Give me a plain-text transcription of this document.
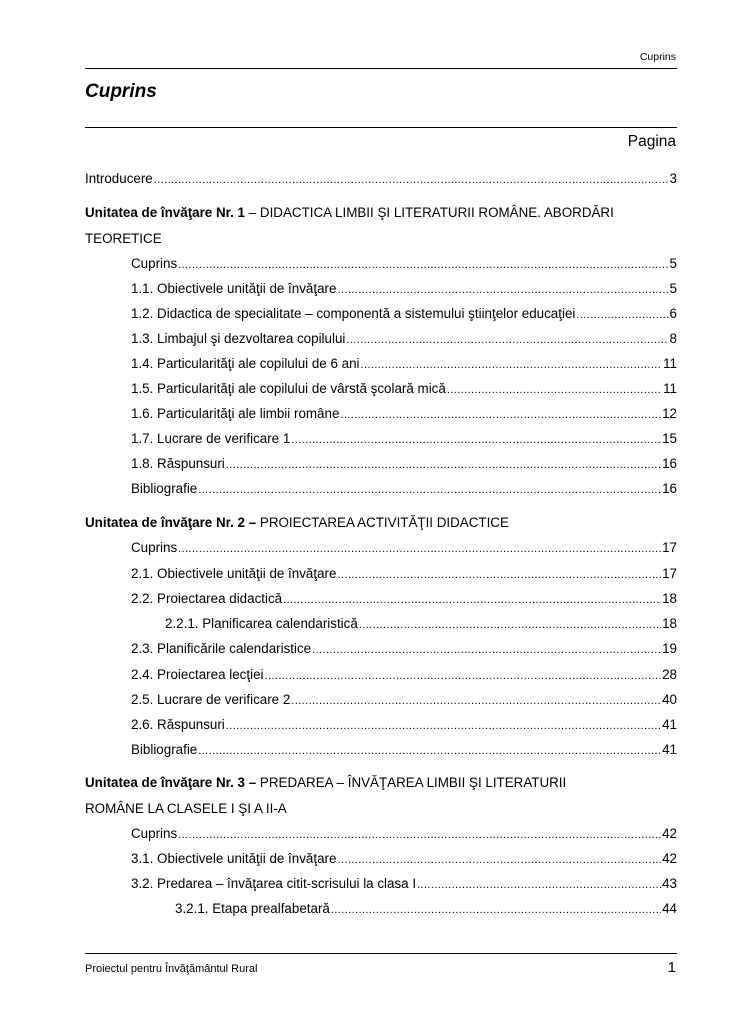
Cuprins
Cuprins
Pagina
Introducere .....	3
Unitatea de învăţare Nr. 1 – DIDACTICA LIMBII ŞI LITERATURII ROMÂNE. ABORDĂRI
TEORETICE
Cuprins .....	5
1.1. Obiectivele unităţii de învăţare .....	5
1.2. Didactica de specialitate – componentă a sistemului ştiinţelor educaţiei .....	6
1.3. Limbajul şi dezvoltarea copilului .....	8
1.4. Particularităţi ale copilului de 6 ani .....	11
1.5. Particularităţi ale copilului de vârstă şcolară mică .....	11
1.6. Particularităţi ale limbii române .....	12
1.7. Lucrare de verificare 1 .....	15
1.8. Răspunsuri .....	16
Bibliografie .....	16
Unitatea de învăţare Nr. 2 – PROIECTAREA ACTIVITĂŢII DIDACTICE
Cuprins .....	17
2.1. Obiectivele unităţii de învăţare .....	17
2.2. Proiectarea didactică .....	18
2.2.1. Planificarea calendaristică .....	18
2.3. Planificările calendaristice .....	19
2.4. Proiectarea lecţiei .....	28
2.5. Lucrare de verificare 2 .....	40
2.6. Răspunsuri .....	41
Bibliografie .....	41
Unitatea de învăţare Nr. 3 – PREDAREA – ÎNVĂŢAREA LIMBII ŞI LITERATURII
ROMÂNE LA CLASELE I ŞI A II-A
Cuprins .....	42
3.1. Obiectivele unităţii de învăţare .....	42
3.2. Predarea – învăţarea citit-scrisului la clasa I .....	43
3.2.1. Etapa prealfabetară .....	44
Proiectul pentru Învăţământul Rural	1
